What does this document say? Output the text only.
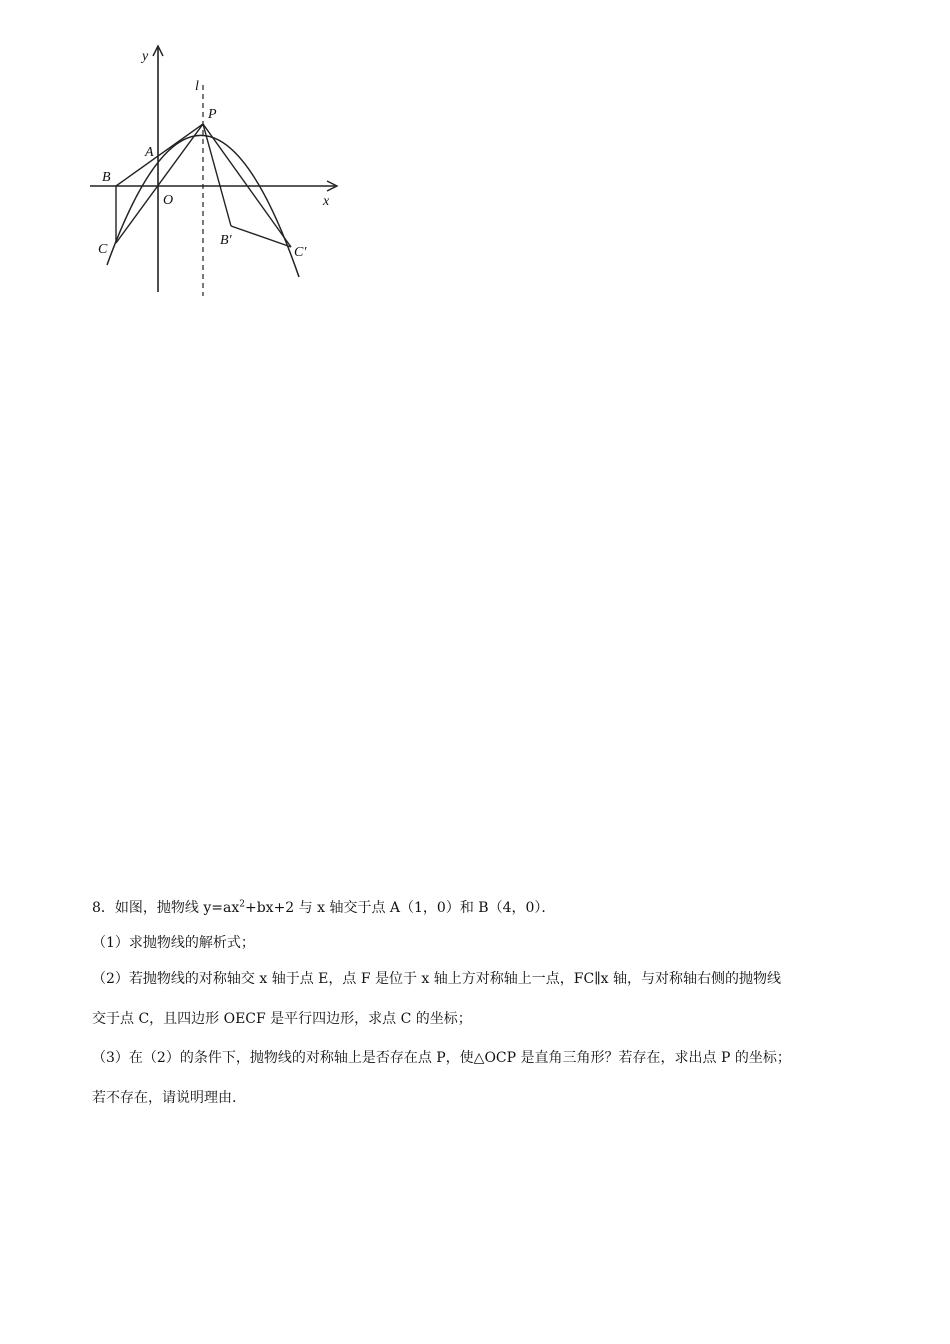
y
x
l
P
A
B
O
C
B′
C′
8．如图，抛物线 $y=ax^2+bx+2$ 与 x 轴交于点 A（1，0）和 B（4，0）．
（1）求抛物线的解析式；
（2）若抛物线的对称轴交 x 轴于点 E，点 F 是位于 x 轴上方对称轴上一点，FC∥x 轴，与对称轴右侧的抛物线
交于点 C，且四边形 OECF 是平行四边形，求点 C 的坐标；
（3）在（2）的条件下，抛物线的对称轴上是否存在点 P，使△OCP 是直角三角形？若存在，求出点 P 的坐标；
若不存在，请说明理由.
